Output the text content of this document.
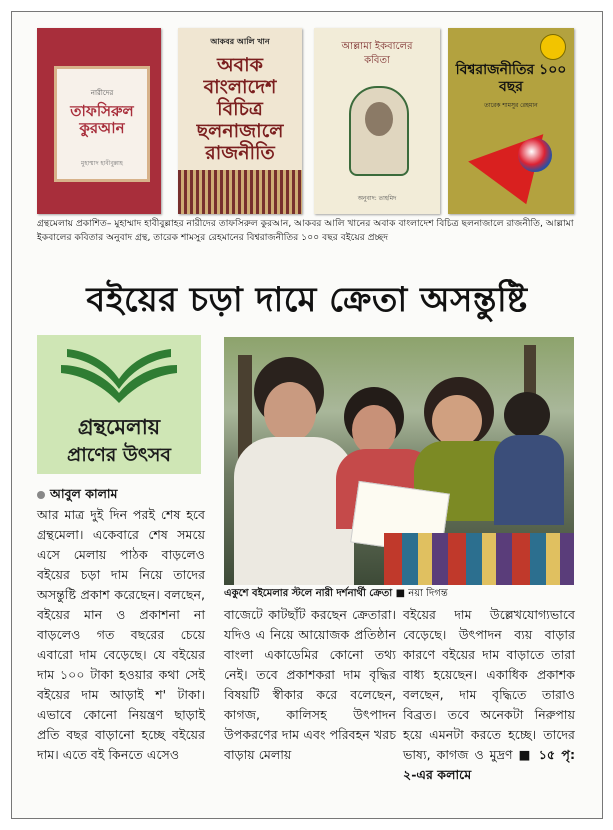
নারীদের
তাফসিরুল কুরআন
মুহাম্মাদ হাবীবুল্লাহ
আকবর আলি খান
অবাক বাংলাদেশ বিচিত্র ছলনাজালে রাজনীতি
আল্লামা ইকবালের
কবিতা
অনুবাদ: তাহমিদ
বিশ্বরাজনীতির ১০০ বছর
তারেক শামসুর রেহমান
গ্রন্থমেলায় প্রকাশিত– মুহাম্মাদ হাবীবুল্লাহর নারীদের তাফসিরুল কুরআন, আকবর আলি খানের অবাক বাংলাদেশ বিচিত্র ছলনাজালে রাজনীতি, আল্লামা ইকবালের কবিতার অনুবাদ গ্রন্থ, তারেক শামসুর রেহমানের বিশ্বরাজনীতির ১০০ বছর বইয়ের প্রচ্ছদ
বইয়ের চড়া দামে ক্রেতা অসন্তুষ্টি
গ্রন্থমেলায়
প্রাণের উৎসব
একুশে বইমেলার স্টলে নারী দর্শনার্থী ক্রেতা ■ নয়া দিগন্ত
আবুল কালাম
আর মাত্র দুই দিন পরই শেষ হবে গ্রন্থমেলা। একেবারে শেষ সময়ে এসে মেলায় পাঠক বাড়লেও বইয়ের চড়া দাম নিয়ে তাদের অসন্তুষ্টি প্রকাশ করেছেন। বলছেন, বইয়ের মান ও প্রকাশনা না বাড়লেও গত বছরের চেয়ে এবারো দাম বেড়েছে। যে বইয়ের দাম ১০০ টাকা হওয়ার কথা সেই বইয়ের দাম আড়াই শ' টাকা। এভাবে কোনো নিয়ন্ত্রণ ছাড়াই প্রতি বছর বাড়ানো হচ্ছে বইয়ের দাম। এতে বই কিনতে এসেও
বাজেটে কাটছাঁট করছেন ক্রেতারা। যদিও এ নিয়ে আয়োজক প্রতিষ্ঠান বাংলা একাডেমির কোনো তথ্য নেই। তবে প্রকাশকরা দাম বৃদ্ধির বিষয়টি স্বীকার করে বলেছেন, কাগজ, কালিসহ উৎপাদন উপকরণের দাম এবং পরিবহন খরচ বাড়ায় মেলায়
বইয়ের দাম উল্লেখযোগ্যভাবে বেড়েছে। উৎপাদন ব্যয় বাড়ার কারণে বইয়ের দাম বাড়াতে তারা বাধ্য হয়েছেন। একাধিক প্রকাশক বলছেন, দাম বৃদ্ধিতে তারাও বিব্রত। তবে অনেকটা নিরুপায় হয়ে এমনটা করতে হচ্ছে। তাদের ভাষ্য, কাগজ ও মুদ্রণ ■ ১৫ পৃ: ২-এর কলামে
